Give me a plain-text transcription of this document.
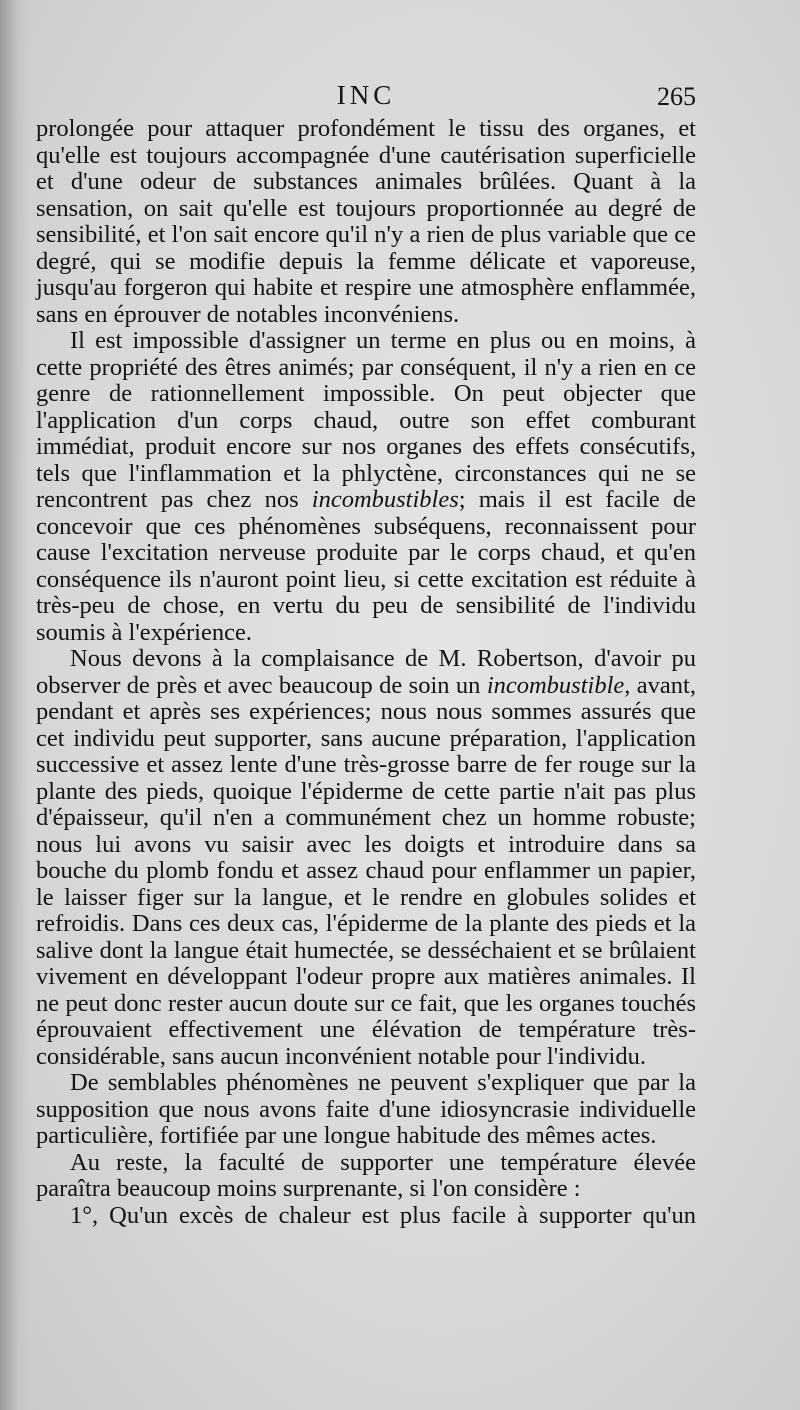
INC	265

prolongée pour attaquer profondément le tissu des organes, et qu'elle est toujours accompagnée d'une cautérisation superficielle et d'une odeur de substances animales brûlées. Quant à la sensation, on sait qu'elle est toujours proportionnée au degré de sensibilité, et l'on sait encore qu'il n'y a rien de plus variable que ce degré, qui se modifie depuis la femme délicate et vaporeuse, jusqu'au forgeron qui habite et respire une atmosphère enflammée, sans en éprouver de notables inconvéniens.

Il est impossible d'assigner un terme en plus ou en moins, à cette propriété des êtres animés; par conséquent, il n'y a rien en ce genre de rationnellement impossible. On peut objecter que l'application d'un corps chaud, outre son effet comburant immédiat, produit encore sur nos organes des effets consécutifs, tels que l'inflammation et la phlyctène, circonstances qui ne se rencontrent pas chez nos incombustibles; mais il est facile de concevoir que ces phénomènes subséquens, reconnaissent pour cause l'excitation nerveuse produite par le corps chaud, et qu'en conséquence ils n'auront point lieu, si cette excitation est réduite à très-peu de chose, en vertu du peu de sensibilité de l'individu soumis à l'expérience.

Nous devons à la complaisance de M. Robertson, d'avoir pu observer de près et avec beaucoup de soin un incombustible, avant, pendant et après ses expériences; nous nous sommes assurés que cet individu peut supporter, sans aucune préparation, l'application successive et assez lente d'une très-grosse barre de fer rouge sur la plante des pieds, quoique l'épiderme de cette partie n'ait pas plus d'épaisseur, qu'il n'en a communément chez un homme robuste; nous lui avons vu saisir avec les doigts et introduire dans sa bouche du plomb fondu et assez chaud pour enflammer un papier, le laisser figer sur la langue, et le rendre en globules solides et refroidis. Dans ces deux cas, l'épiderme de la plante des pieds et la salive dont la langue était humectée, se desséchaient et se brûlaient vivement en développant l'odeur propre aux matières animales. Il ne peut donc rester aucun doute sur ce fait, que les organes touchés éprouvaient effectivement une élévation de température très-considérable, sans aucun inconvénient notable pour l'individu.

De semblables phénomènes ne peuvent s'expliquer que par la supposition que nous avons faite d'une idiosyncrasie individuelle particulière, fortifiée par une longue habitude des mêmes actes.

Au reste, la faculté de supporter une température élevée paraîtra beaucoup moins surprenante, si l'on considère :

1°, Qu'un excès de chaleur est plus facile à supporter qu'un
